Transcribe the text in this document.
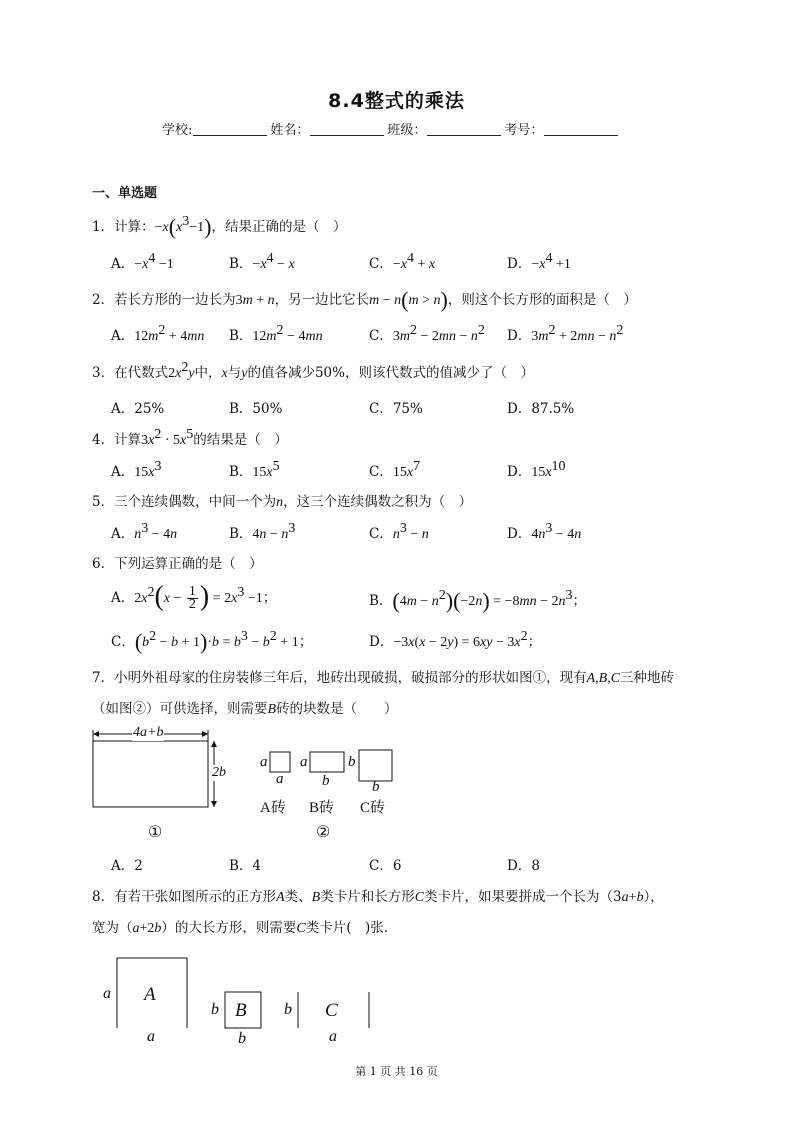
8.4整式的乘法
学校:	姓名：	班级：	考号：
一、单选题
1．计算：$-x(x^3-1)$，结果正确的是（　）
A．$-x^4 -1$	B．$-x^4 - x$	C．$-x^4 + x$	D．$-x^4 +1$
2．若长方形的一边长为3m + n，另一边比它长m − n(m > n)，则这个长方形的面积是（　）
A．$12m^2 + 4mn$ B．$12m^2 - 4mn$	C．$3m^2 - 2mn - n^2$ D．$3m^2 + 2mn - n^2$
3．在代数式$2x^2y$中，x与y的值各减少50%，则该代数式的值减少了（　）
A．25%	B．50%	C．75%	D．87.5%
4．计算$3x^2 \cdot 5x^5$的结果是（　）
A．$15x^3$	B．$15x^5$	C．$15x^7$	D．$15x^{10}$
5．三个连续偶数，中间一个为n，这三个连续偶数之积为（　）
A．$n^3 - 4n$	B．$4n - n^3$	C．$n^3 - n$	D．$4n^3 - 4n$
6．下列运算正确的是（　）
A．$2x^2(x - \frac{1}{2}$ ) = $2x^3 -1$；	B．$(4m - n^2)(-2n) = -8mn - 2n^3$；
C．$(b^2 - b + 1)\cdot b = b^3 - b^2 + 1$；	D．$-3x(x - 2y) = 6xy - 3x^2$；
7．小明外祖母家的住房装修三年后，地砖出现破损，破损部分的形状如图①，现有A,B,C三种地砖
（如图②）可供选择，则需要B砖的块数是（　　）
4a+b
2b
①
a
a
a
b
b
b
A砖 B砖 C砖
②
A．2	B．4	C．6	D．8
8．有若干张如图所示的正方形A类、B类卡片和长方形C类卡片，如果要拼成一个长为（3a+b），
宽为（a+2b）的大长方形，则需要C类卡片(　)张.
a A
a
b B
b
b C
a
第 1 页 共 16 页
